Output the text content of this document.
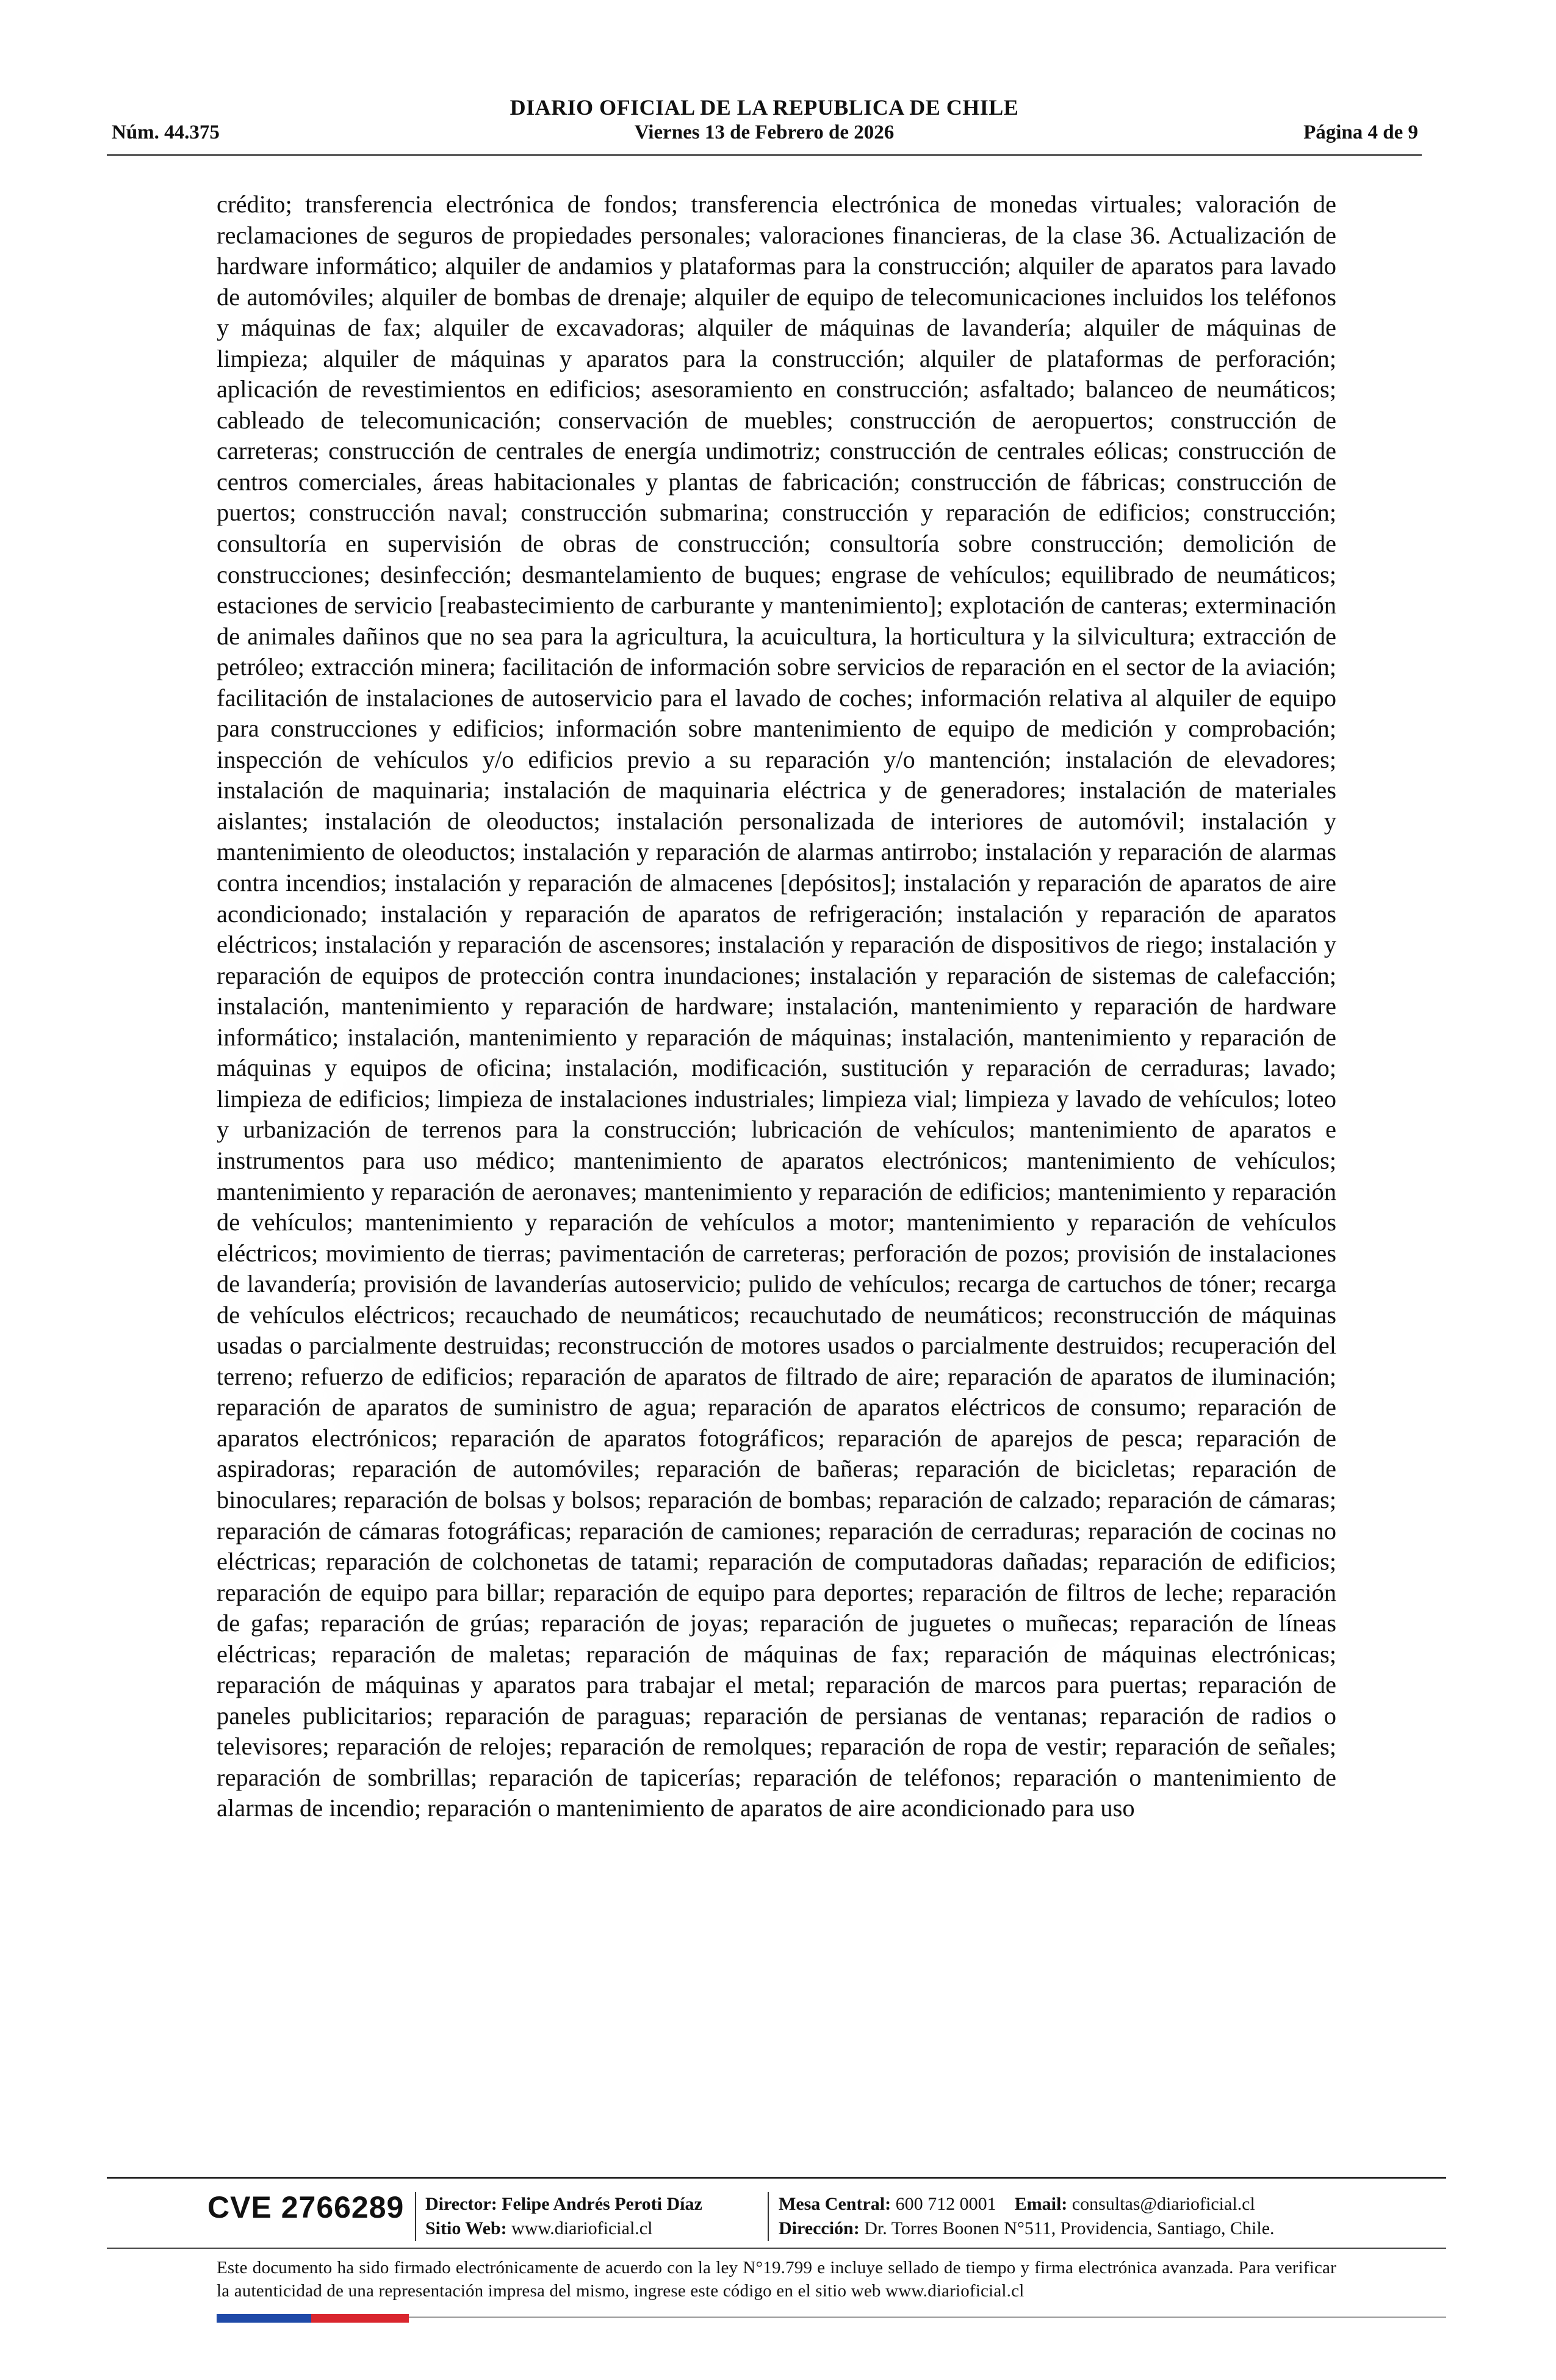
DIARIO OFICIAL DE LA REPUBLICA DE CHILE
Núm. 44.375	Viernes 13 de Febrero de 2026	Página 4 de 9
crédito; transferencia electrónica de fondos; transferencia electrónica de monedas virtuales; valoración de reclamaciones de seguros de propiedades personales; valoraciones financieras, de la clase 36. Actualización de hardware informático; alquiler de andamios y plataformas para la construcción; alquiler de aparatos para lavado de automóviles; alquiler de bombas de drenaje; alquiler de equipo de telecomunicaciones incluidos los teléfonos y máquinas de fax; alquiler de excavadoras; alquiler de máquinas de lavandería; alquiler de máquinas de limpieza; alquiler de máquinas y aparatos para la construcción; alquiler de plataformas de perforación; aplicación de revestimientos en edificios; asesoramiento en construcción; asfaltado; balanceo de neumáticos; cableado de telecomunicación; conservación de muebles; construcción de aeropuertos; construcción de carreteras; construcción de centrales de energía undimotriz; construcción de centrales eólicas; construcción de centros comerciales, áreas habitacionales y plantas de fabricación; construcción de fábricas; construcción de puertos; construcción naval; construcción submarina; construcción y reparación de edificios; construcción; consultoría en supervisión de obras de construcción; consultoría sobre construcción; demolición de construcciones; desinfección; desmantelamiento de buques; engrase de vehículos; equilibrado de neumáticos; estaciones de servicio [reabastecimiento de carburante y mantenimiento]; explotación de canteras; exterminación de animales dañinos que no sea para la agricultura, la acuicultura, la horticultura y la silvicultura; extracción de petróleo; extracción minera; facilitación de información sobre servicios de reparación en el sector de la aviación; facilitación de instalaciones de autoservicio para el lavado de coches; información relativa al alquiler de equipo para construcciones y edificios; información sobre mantenimiento de equipo de medición y comprobación; inspección de vehículos y/o edificios previo a su reparación y/o mantención; instalación de elevadores; instalación de maquinaria; instalación de maquinaria eléctrica y de generadores; instalación de materiales aislantes; instalación de oleoductos; instalación personalizada de interiores de automóvil; instalación y mantenimiento de oleoductos; instalación y reparación de alarmas antirrobo; instalación y reparación de alarmas contra incendios; instalación y reparación de almacenes [depósitos]; instalación y reparación de aparatos de aire acondicionado; instalación y reparación de aparatos de refrigeración; instalación y reparación de aparatos eléctricos; instalación y reparación de ascensores; instalación y reparación de dispositivos de riego; instalación y reparación de equipos de protección contra inundaciones; instalación y reparación de sistemas de calefacción; instalación, mantenimiento y reparación de hardware; instalación, mantenimiento y reparación de hardware informático; instalación, mantenimiento y reparación de máquinas; instalación, mantenimiento y reparación de máquinas y equipos de oficina; instalación, modificación, sustitución y reparación de cerraduras; lavado; limpieza de edificios; limpieza de instalaciones industriales; limpieza vial; limpieza y lavado de vehículos; loteo y urbanización de terrenos para la construcción; lubricación de vehículos; mantenimiento de aparatos e instrumentos para uso médico; mantenimiento de aparatos electrónicos; mantenimiento de vehículos; mantenimiento y reparación de aeronaves; mantenimiento y reparación de edificios; mantenimiento y reparación de vehículos; mantenimiento y reparación de vehículos a motor; mantenimiento y reparación de vehículos eléctricos; movimiento de tierras; pavimentación de carreteras; perforación de pozos; provisión de instalaciones de lavandería; provisión de lavanderías autoservicio; pulido de vehículos; recarga de cartuchos de tóner; recarga de vehículos eléctricos; recauchado de neumáticos; recauchutado de neumáticos; reconstrucción de máquinas usadas o parcialmente destruidas; reconstrucción de motores usados o parcialmente destruidos; recuperación del terreno; refuerzo de edificios; reparación de aparatos de filtrado de aire; reparación de aparatos de iluminación; reparación de aparatos de suministro de agua; reparación de aparatos eléctricos de consumo; reparación de aparatos electrónicos; reparación de aparatos fotográficos; reparación de aparejos de pesca; reparación de aspiradoras; reparación de automóviles; reparación de bañeras; reparación de bicicletas; reparación de binoculares; reparación de bolsas y bolsos; reparación de bombas; reparación de calzado; reparación de cámaras; reparación de cámaras fotográficas; reparación de camiones; reparación de cerraduras; reparación de cocinas no eléctricas; reparación de colchonetas de tatami; reparación de computadoras dañadas; reparación de edificios; reparación de equipo para billar; reparación de equipo para deportes; reparación de filtros de leche; reparación de gafas; reparación de grúas; reparación de joyas; reparación de juguetes o muñecas; reparación de líneas eléctricas; reparación de maletas; reparación de máquinas de fax; reparación de máquinas electrónicas; reparación de máquinas y aparatos para trabajar el metal; reparación de marcos para puertas; reparación de paneles publicitarios; reparación de paraguas; reparación de persianas de ventanas; reparación de radios o televisores; reparación de relojes; reparación de remolques; reparación de ropa de vestir; reparación de señales; reparación de sombrillas; reparación de tapicerías; reparación de teléfonos; reparación o mantenimiento de alarmas de incendio; reparación o mantenimiento de aparatos de aire acondicionado para uso
CVE 2766289 Director: Felipe Andrés Peroti Díaz
Sitio Web: www.diarioficial.cl
Mesa Central: 600 712 0001 Email: consultas@diarioficial.cl
Dirección: Dr. Torres Boonen N°511, Providencia, Santiago, Chile.
Este documento ha sido firmado electrónicamente de acuerdo con la ley N°19.799 e incluye sellado de tiempo y firma electrónica avanzada. Para verificar la autenticidad de una representación impresa del mismo, ingrese este código en el sitio web www.diarioficial.cl
